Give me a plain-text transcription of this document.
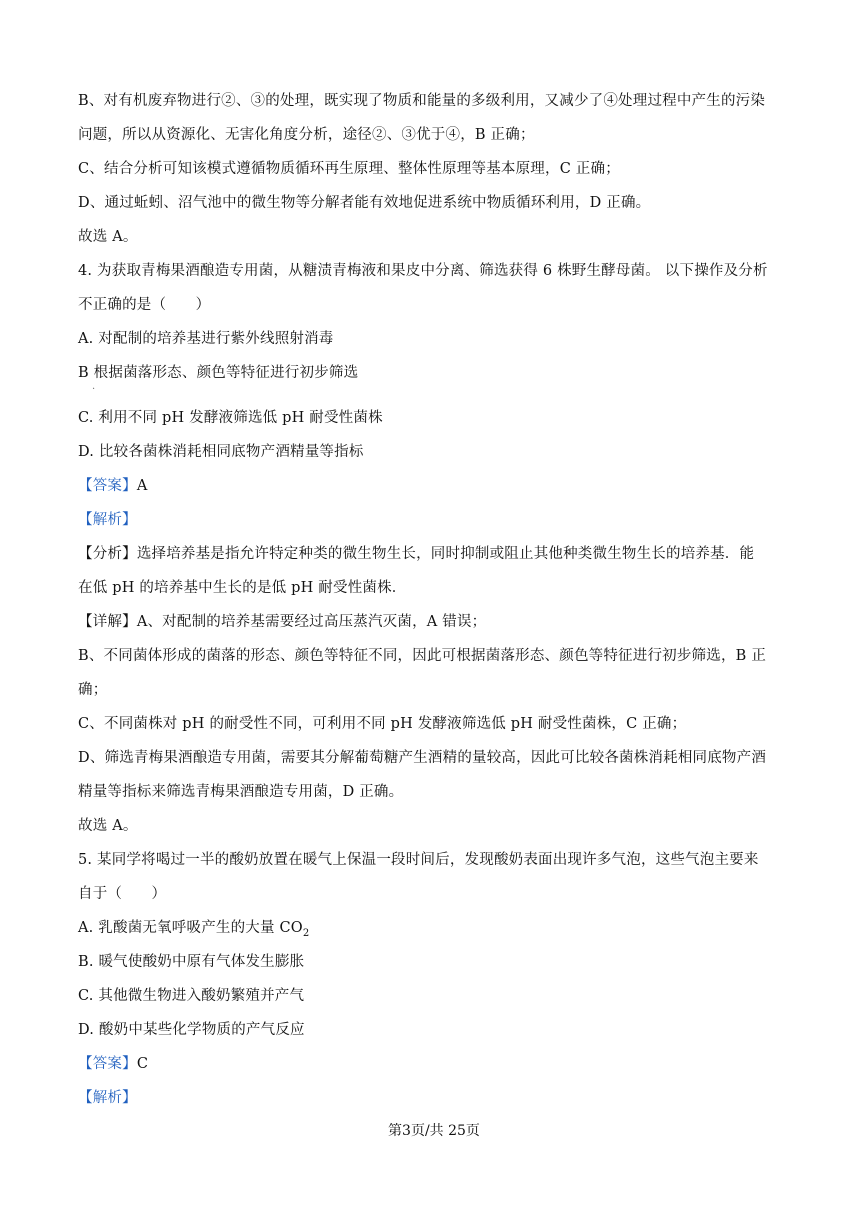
B、对有机废弃物进行②、③的处理，既实现了物质和能量的多级利用，又减少了④处理过程中产生的污染
问题，所以从资源化、无害化角度分析，途径②、③优于④，B 正确；
C、结合分析可知该模式遵循物质循环再生原理、整体性原理等基本原理，C 正确；
D、通过蚯蚓、沼气池中的微生物等分解者能有效地促进系统中物质循环利用，D 正确。
故选 A。
4. 为获取青梅果酒酿造专用菌，从糖渍青梅液和果皮中分离、筛选获得 6 株野生酵母菌。 以下操作及分析
不正确的是（　　）
A. 对配制的培养基进行紫外线照射消毒
B 根据菌落形态、颜色等特征进行初步筛选
·
C. 利用不同 pH 发酵液筛选低 pH 耐受性菌株
D. 比较各菌株消耗相同底物产酒精量等指标
【答案】A
【解析】
【分析】选择培养基是指允许特定种类的微生物生长，同时抑制或阻止其他种类微生物生长的培养基．能
在低 pH 的培养基中生长的是低 pH 耐受性菌株．
【详解】A、对配制的培养基需要经过高压蒸汽灭菌，A 错误；
B、不同菌体形成的菌落的形态、颜色等特征不同，因此可根据菌落形态、颜色等特征进行初步筛选，B 正
确；
C、不同菌株对 pH 的耐受性不同，可利用不同 pH 发酵液筛选低 pH 耐受性菌株，C 正确；
D、筛选青梅果酒酿造专用菌，需要其分解葡萄糖产生酒精的量较高，因此可比较各菌株消耗相同底物产酒
精量等指标来筛选青梅果酒酿造专用菌，D 正确。
故选 A。
5. 某同学将喝过一半的酸奶放置在暖气上保温一段时间后，发现酸奶表面出现许多气泡，这些气泡主要来
自于（　　）
A. 乳酸菌无氧呼吸产生的大量 $CO_2$
B. 暖气使酸奶中原有气体发生膨胀
C. 其他微生物进入酸奶繁殖并产气
D. 酸奶中某些化学物质的产气反应
【答案】C
【解析】
第3页/共 25页
